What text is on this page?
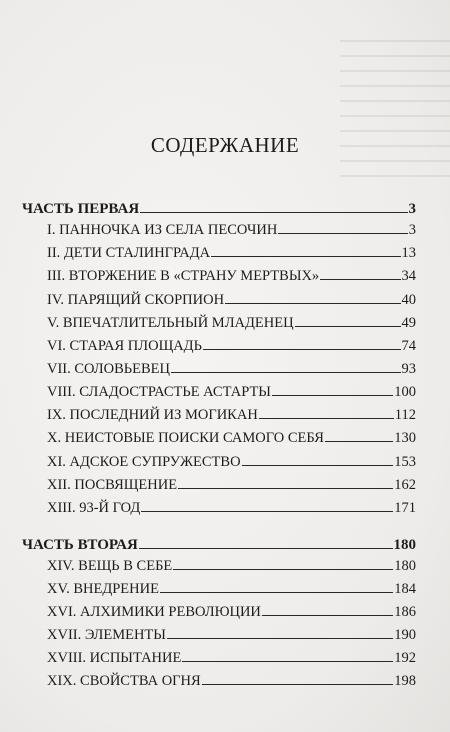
СОДЕРЖАНИЕ
ЧАСТЬ ПЕРВАЯ	3
I. ПАННОЧКА ИЗ СЕЛА ПЕСОЧИН	3
II. ДЕТИ СТАЛИНГРАДА	13
III. ВТОРЖЕНИЕ В «СТРАНУ МЕРТВЫХ»	34
IV. ПАРЯЩИЙ СКОРПИОН	40
V. ВПЕЧАТЛИТЕЛЬНЫЙ МЛАДЕНЕЦ	49
VI. СТАРАЯ ПЛОЩАДЬ	74
VII. СОЛОВЬЕВЕЦ	93
VIII. СЛАДОСТРАСТЬЕ АСТАРТЫ	100
IX. ПОСЛЕДНИЙ ИЗ МОГИКАН	112
X. НЕИСТОВЫЕ ПОИСКИ САМОГО СЕБЯ	130
XI. АДСКОЕ СУПРУЖЕСТВО	153
XII. ПОСВЯЩЕНИЕ	162
XIII. 93-Й ГОД	171
ЧАСТЬ ВТОРАЯ	180
XIV. ВЕЩЬ В СЕБЕ	180
XV. ВНЕДРЕНИЕ	184
XVI. АЛХИМИКИ РЕВОЛЮЦИИ	186
XVII. ЭЛЕМЕНТЫ	190
XVIII. ИСПЫТАНИЕ	192
XIX. СВОЙСТВА ОГНЯ	198
